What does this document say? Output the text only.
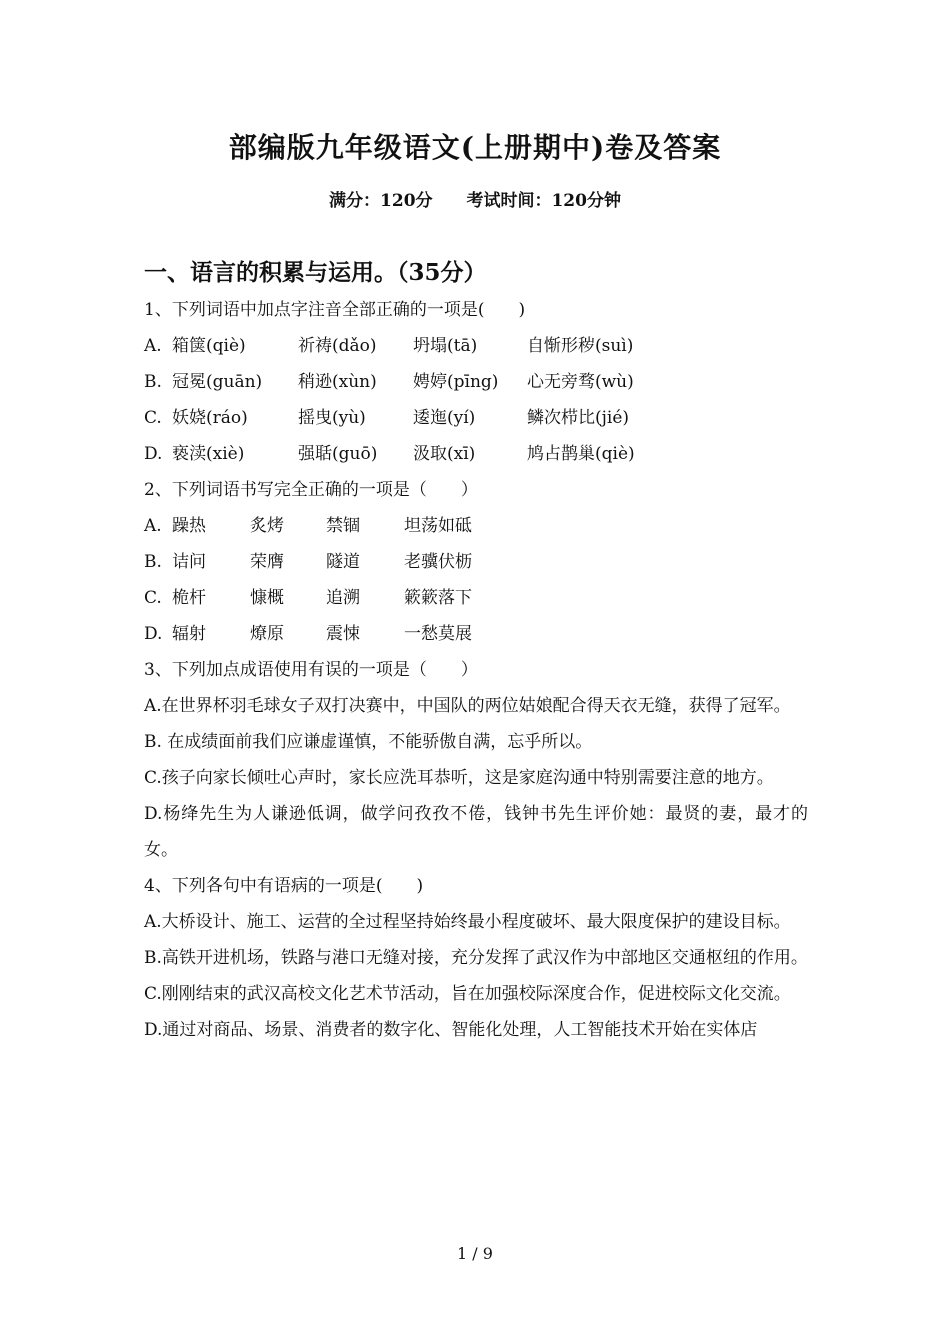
部编版九年级语文(上册期中)卷及答案
满分：120分 考试时间：120分钟
一、语言的积累与运用。（35分）

1、下列词语中加点字注音全部正确的一项是(　　)

A. 箱箧(qiè)	祈祷(dǎo)	坍塌(tā)	自惭形秽(suì)
B. 冠冕(guān)	稍逊(xùn)	娉婷(pīng)	心无旁骛(wù)
C. 妖娆(ráo)	摇曳(yù)	逶迤(yí)	鳞次栉比(jié)
D. 亵渎(xiè)	强聒(guō)	汲取(xī)	鸠占鹊巢(qiè)

2、下列词语书写完全正确的一项是（　　）

A. 躁热	炙烤	禁锢	坦荡如砥
B. 诘问	荣膺	隧道	老骥伏枥
C. 桅杆	慷概	追溯	簌簌落下
D. 辐射	燎原	震悚	一愁莫展

3、下列加点成语使用有误的一项是（　　）

A.在世界杯羽毛球女子双打决赛中，中国队的两位姑娘配合得天衣无缝，获得了冠军。

B. 在成绩面前我们应谦虚谨慎，不能骄傲自满，忘乎所以。

C.孩子向家长倾吐心声时，家长应洗耳恭听，这是家庭沟通中特别需要注意的地方。

D.杨绛先生为人谦逊低调，做学问孜孜不倦，钱钟书先生评价她：最贤的妻，最才的女。

4、下列各句中有语病的一项是(　　)

A.大桥设计、施工、运营的全过程坚持始终最小程度破坏、最大限度保护的建设目标。

B.高铁开进机场，铁路与港口无缝对接，充分发挥了武汉作为中部地区交通枢纽的作用。

C.刚刚结束的武汉高校文化艺术节活动，旨在加强校际深度合作，促进校际文化交流。

D.通过对商品、场景、消费者的数字化、智能化处理，人工智能技术开始在实体店

1 / 9
